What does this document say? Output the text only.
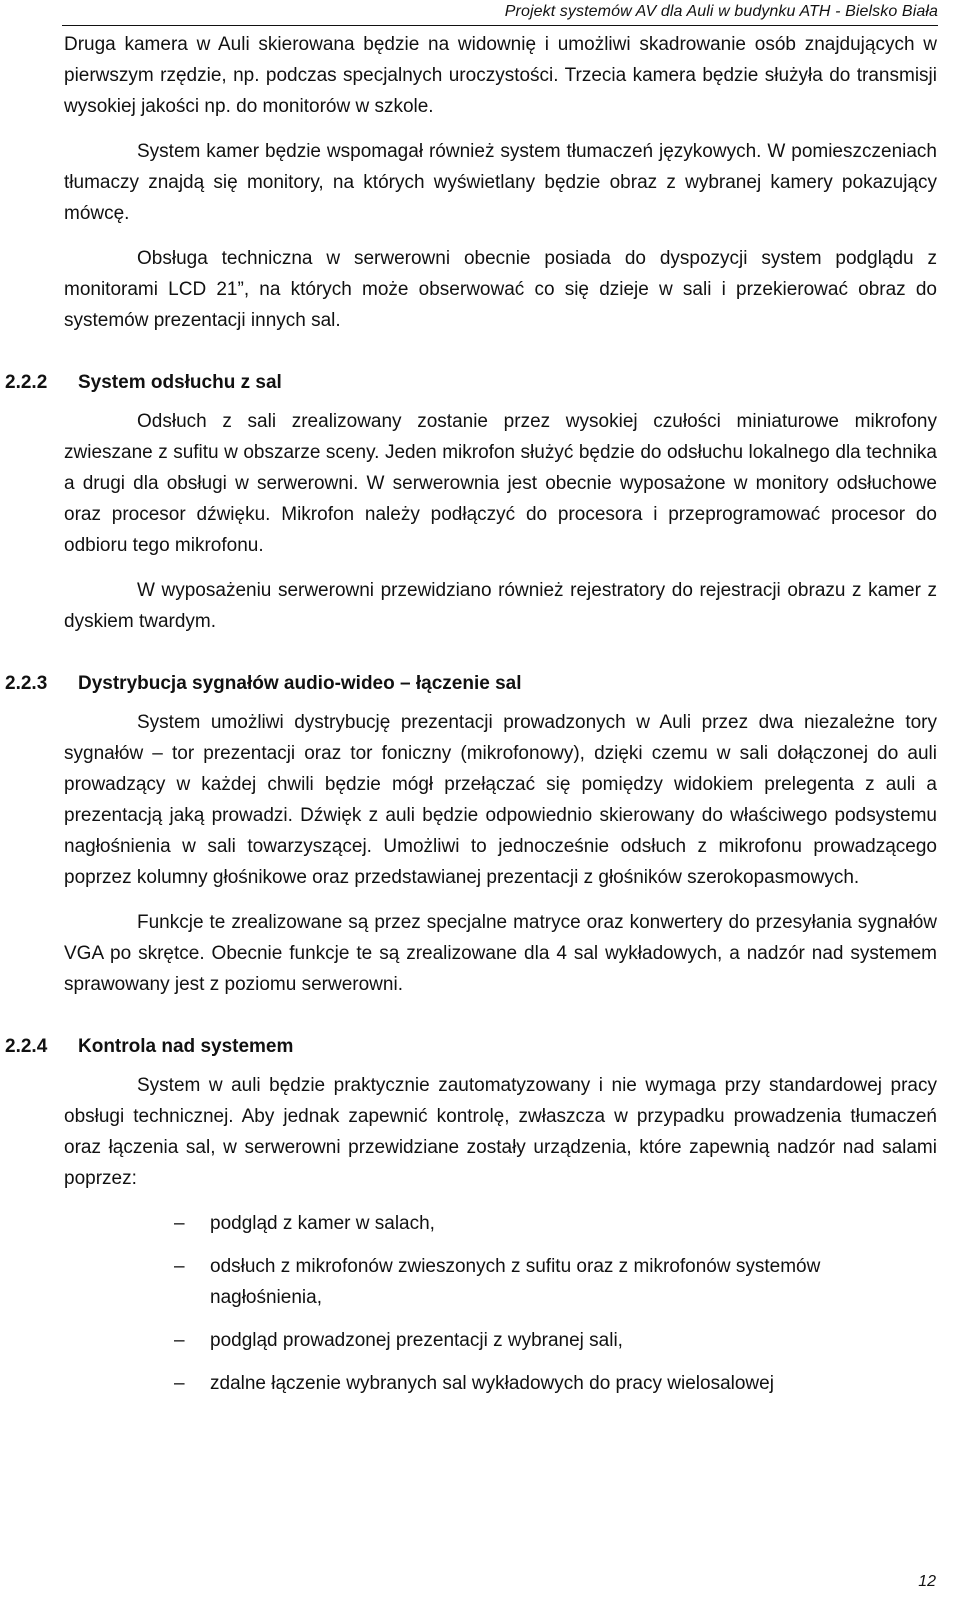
Projekt systemów AV dla Auli w budynku ATH - Bielsko Biała

Druga kamera w Auli skierowana będzie na widownię i umożliwi skadrowanie osób znajdujących w pierwszym rzędzie, np. podczas specjalnych uroczystości. Trzecia kamera będzie służyła do transmisji wysokiej jakości np. do monitorów w szkole.

System kamer będzie wspomagał również system tłumaczeń językowych. W pomieszczeniach tłumaczy znajdą się monitory, na których wyświetlany będzie obraz z wybranej kamery pokazujący mówcę.

Obsługa techniczna w serwerowni obecnie posiada do dyspozycji system podglądu z monitorami LCD 21”, na których może obserwować co się dzieje w sali i przekierować obraz do systemów prezentacji innych sal.

2.2.2	System odsłuchu z sal

Odsłuch z sali zrealizowany zostanie przez wysokiej czułości miniaturowe mikrofony zwieszane z sufitu w obszarze sceny. Jeden mikrofon służyć będzie do odsłuchu lokalnego dla technika a drugi dla obsługi w serwerowni. W serwerownia jest obecnie wyposażone w monitory odsłuchowe oraz procesor dźwięku. Mikrofon należy podłączyć do procesora i przeprogramować procesor do odbioru tego mikrofonu.

W wyposażeniu serwerowni przewidziano również rejestratory do rejestracji obrazu z kamer z dyskiem twardym.

2.2.3	Dystrybucja sygnałów audio-wideo – łączenie sal

System umożliwi dystrybucję prezentacji prowadzonych w Auli przez dwa niezależne tory sygnałów – tor prezentacji oraz tor foniczny (mikrofonowy), dzięki czemu w sali dołączonej do auli prowadzący w każdej chwili będzie mógł przełączać się pomiędzy widokiem prelegenta z auli a prezentacją jaką prowadzi. Dźwięk z auli będzie odpowiednio skierowany do właściwego podsystemu nagłośnienia w sali towarzyszącej. Umożliwi to jednocześnie odsłuch z mikrofonu prowadzącego poprzez kolumny głośnikowe oraz przedstawianej prezentacji z głośników szerokopasmowych.

Funkcje te zrealizowane są przez specjalne matryce oraz konwertery do przesyłania sygnałów VGA po skrętce. Obecnie funkcje te są zrealizowane dla 4 sal wykładowych, a nadzór nad systemem sprawowany jest z poziomu serwerowni.

2.2.4	Kontrola nad systemem

System w auli będzie praktycznie zautomatyzowany i nie wymaga przy standardowej pracy obsługi technicznej. Aby jednak zapewnić kontrolę, zwłaszcza w przypadku prowadzenia tłumaczeń oraz łączenia sal, w serwerowni przewidziane zostały urządzenia, które zapewnią nadzór nad salami poprzez:

–	podgląd z kamer w salach,
–	odsłuch z mikrofonów zwieszonych z sufitu oraz z mikrofonów systemów nagłośnienia,
–	podgląd prowadzonej prezentacji z wybranej sali,
–	zdalne łączenie wybranych sal wykładowych do pracy wielosalowej
12
